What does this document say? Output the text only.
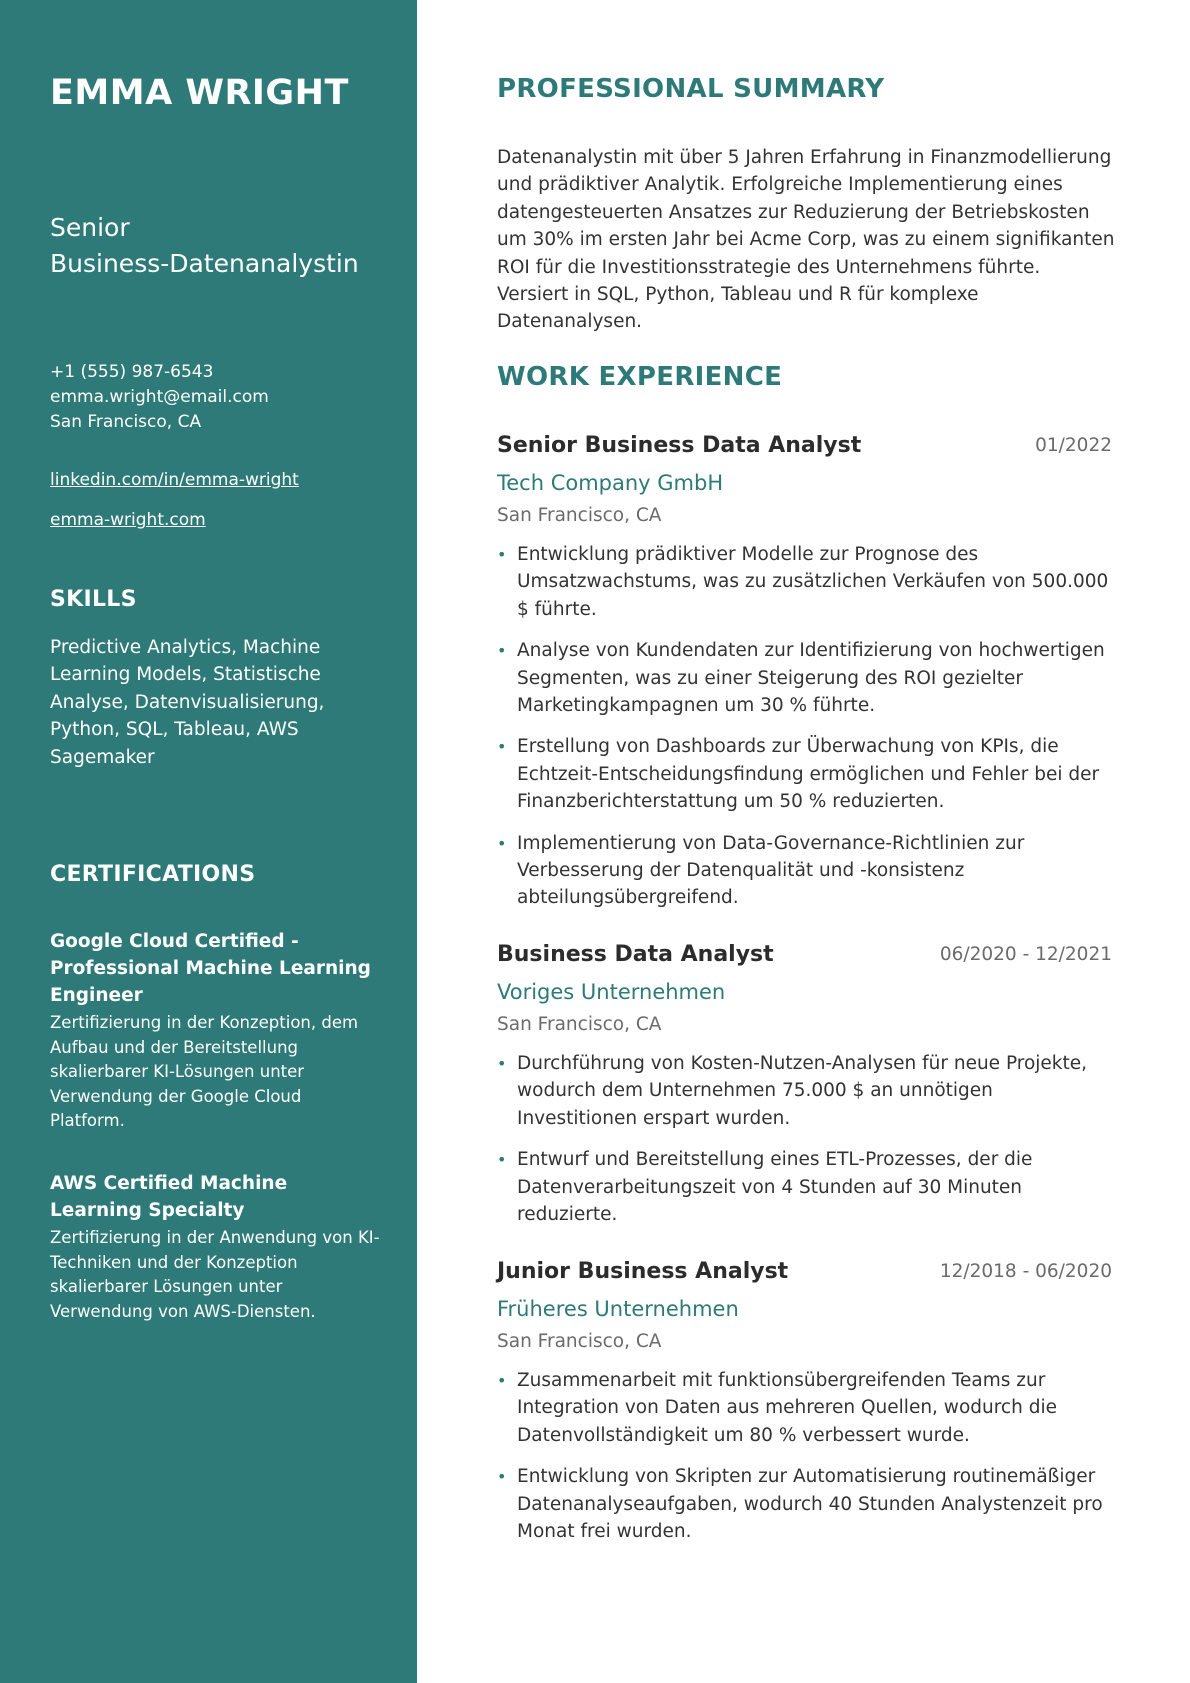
EMMA WRIGHT
Senior
Business-Datenanalystin
+1 (555) 987-6543
emma.wright@email.com
San Francisco, CA
linkedin.com/in/emma-wright
emma-wright.com
SKILLS
Predictive Analytics, Machine Learning Models, Statistische Analyse, Datenvisualisierung, Python, SQL, Tableau, AWS Sagemaker
CERTIFICATIONS
Google Cloud Certified - Professional Machine Learning Engineer
Zertifizierung in der Konzeption, dem Aufbau und der Bereitstellung skalierbarer KI-Lösungen unter Verwendung der Google Cloud Platform.
AWS Certified Machine Learning Specialty
Zertifizierung in der Anwendung von KI-Techniken und der Konzeption skalierbarer Lösungen unter Verwendung von AWS-Diensten.
PROFESSIONAL SUMMARY
Datenanalystin mit über 5 Jahren Erfahrung in Finanzmodellierung und prädiktiver Analytik. Erfolgreiche Implementierung eines datengesteuerten Ansatzes zur Reduzierung der Betriebskosten um 30% im ersten Jahr bei Acme Corp, was zu einem signifikanten ROI für die Investitionsstrategie des Unternehmens führte. Versiert in SQL, Python, Tableau und R für komplexe Datenanalysen.
WORK EXPERIENCE
Senior Business Data Analyst	01/2022
Tech Company GmbH
San Francisco, CA
• Entwicklung prädiktiver Modelle zur Prognose des Umsatzwachstums, was zu zusätzlichen Verkäufen von 500.000 $ führte.
• Analyse von Kundendaten zur Identifizierung von hochwertigen Segmenten, was zu einer Steigerung des ROI gezielter Marketingkampagnen um 30 % führte.
• Erstellung von Dashboards zur Überwachung von KPIs, die Echtzeit-Entscheidungsfindung ermöglichen und Fehler bei der Finanzberichterstattung um 50 % reduzierten.
• Implementierung von Data-Governance-Richtlinien zur Verbesserung der Datenqualität und -konsistenz abteilungsübergreifend.
Business Data Analyst	06/2020 - 12/2021
Voriges Unternehmen
San Francisco, CA
• Durchführung von Kosten-Nutzen-Analysen für neue Projekte, wodurch dem Unternehmen 75.000 $ an unnötigen Investitionen erspart wurden.
• Entwurf und Bereitstellung eines ETL-Prozesses, der die Datenverarbeitungszeit von 4 Stunden auf 30 Minuten reduzierte.
Junior Business Analyst	12/2018 - 06/2020
Früheres Unternehmen
San Francisco, CA
• Zusammenarbeit mit funktionsübergreifenden Teams zur Integration von Daten aus mehreren Quellen, wodurch die Datenvollständigkeit um 80 % verbessert wurde.
• Entwicklung von Skripten zur Automatisierung routinemäßiger Datenanalyseaufgaben, wodurch 40 Stunden Analystenzeit pro Monat frei wurden.
